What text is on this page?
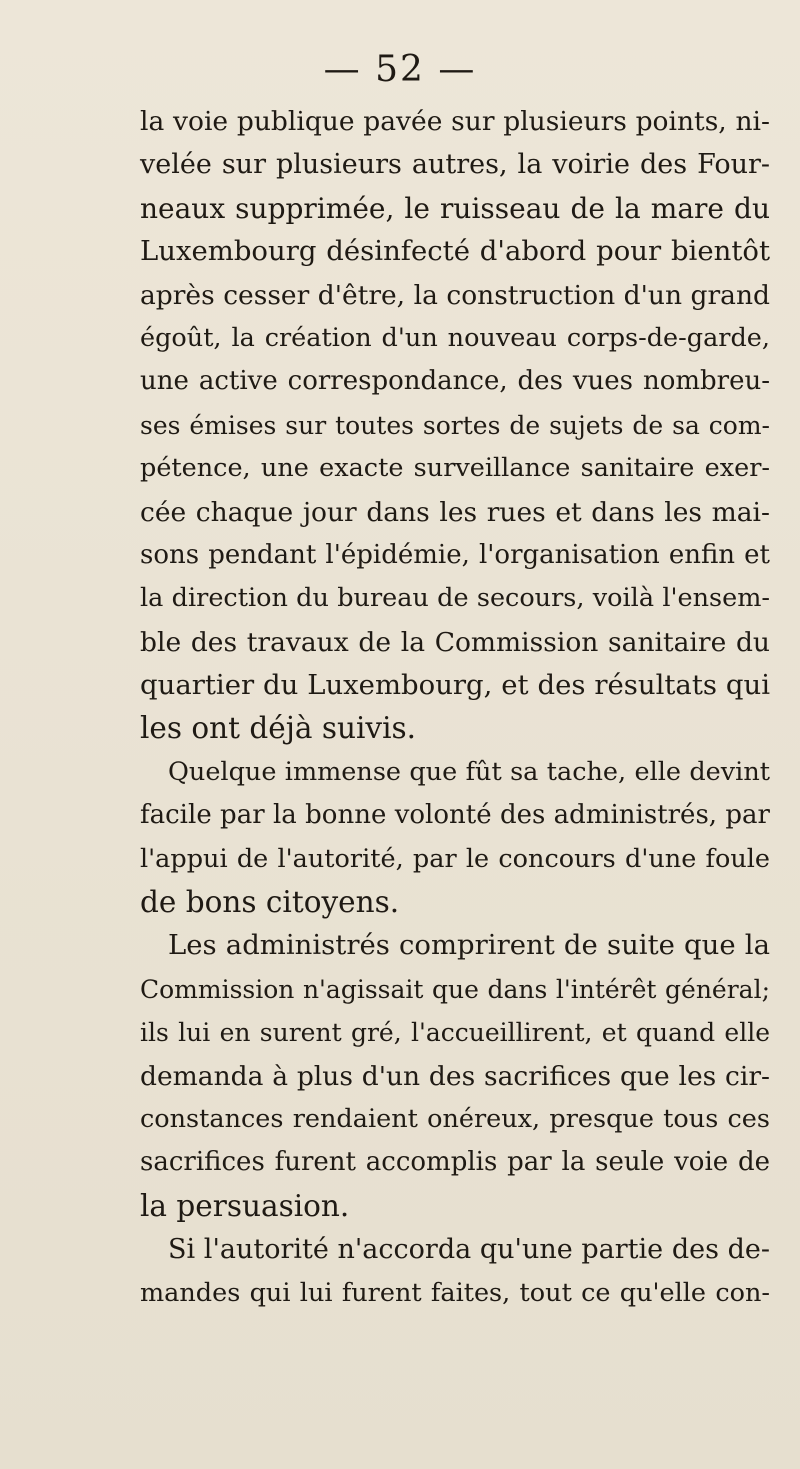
— 52 —
la voie publique pavée sur plusieurs points, ni-
velée sur plusieurs autres, la voirie des Four-
neaux supprimée, le ruisseau de la mare du
Luxembourg désinfecté d'abord pour bientôt
après cesser d'être, la construction d'un grand
égoût, la création d'un nouveau corps-de-garde,
une active correspondance, des vues nombreu-
ses émises sur toutes sortes de sujets de sa com-
pétence, une exacte surveillance sanitaire exer-
cée chaque jour dans les rues et dans les mai-
sons pendant l'épidémie, l'organisation enfin et
la direction du bureau de secours, voilà l'ensem-
ble des travaux de la Commission sanitaire du
quartier du Luxembourg, et des résultats qui
les ont déjà suivis.
Quelque immense que fût sa tache, elle devint
facile par la bonne volonté des administrés, par
l'appui de l'autorité, par le concours d'une foule
de bons citoyens.
Les administrés comprirent de suite que la
Commission n'agissait que dans l'intérêt général;
ils lui en surent gré, l'accueillirent, et quand elle
demanda à plus d'un des sacrifices que les cir-
constances rendaient onéreux, presque tous ces
sacrifices furent accomplis par la seule voie de
la persuasion.
Si l'autorité n'accorda qu'une partie des de-
mandes qui lui furent faites, tout ce qu'elle con-
